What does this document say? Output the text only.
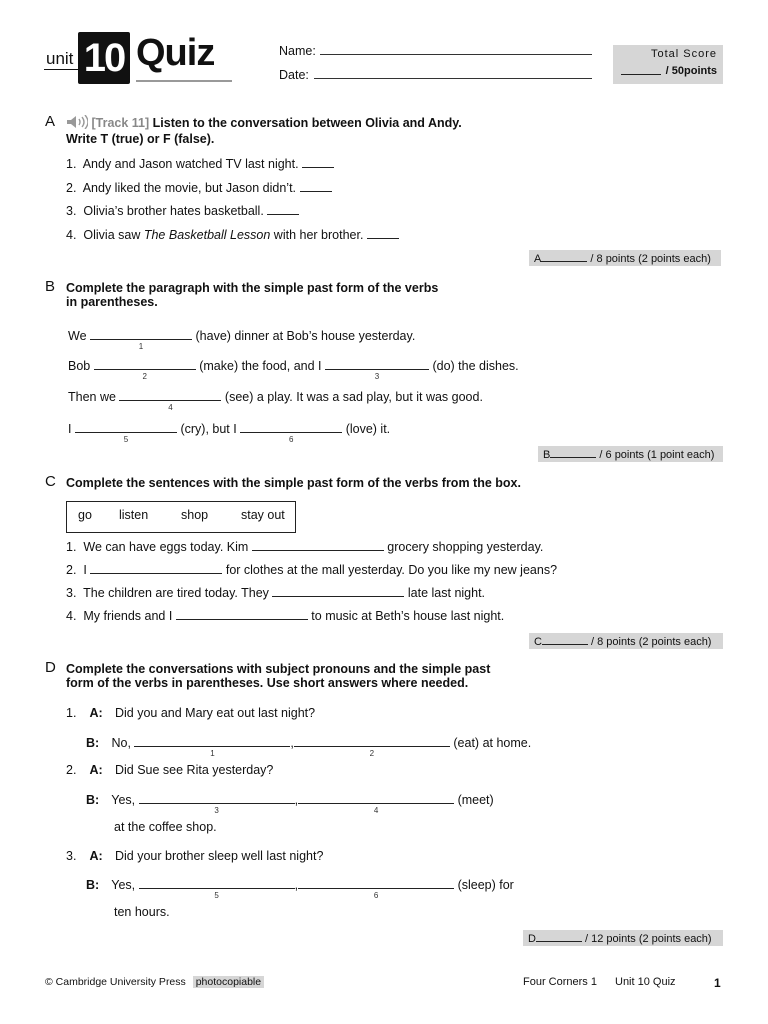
unit 10 Quiz	Name:
Date:
Total Score
/ 50points
A	[Track 11] Listen to the conversation between Olivia and Andy.
Write T (true) or F (false).
1. Andy and Jason watched TV last night.
2. Andy liked the movie, but Jason didn’t.
3. Olivia’s brother hates basketball.
4. Olivia saw The Basketball Lesson with her brother.
A	/ 8 points (2 points each)
B Complete the paragraph with the simple past form of the verbs
in parentheses.
We
1
(have) dinner at Bob’s house yesterday.
Bob
2
(make) the food, and I
3
(do) the dishes.
Then we
4
(see) a play. It was a sad play, but it was good.
I
5
(cry), but I
6
(love) it.
B	/ 6 points (1 point each)
C Complete the sentences with the simple past form of the verbs from the box.
go listen	shop	stay out
1. We can have eggs today. Kim	grocery shopping yesterday.
2. I	for clothes at the mall yesterday. Do you like my new jeans?
3. The children are tired today. They	late last night.
4. My friends and I	to music at Beth’s house last night.
C	/ 8 points (2 points each)
D Complete the conversations with subject pronouns and the simple past
form of the verbs in parentheses. Use short answers where needed.
1. A: Did you and Mary eat out last night?
B: No,
1
,
2
(eat) at home.
2. A: Did Sue see Rita yesterday?
B: Yes,
3
,
4
(meet)
at the coffee shop.
3. A: Did your brother sleep well last night?
B: Yes,
5
,
6
(sleep) for
ten hours.
D	/ 12 points (2 points each)
© Cambridge University Press photocopiable	Four Corners 1 Unit 10 Quiz	1
